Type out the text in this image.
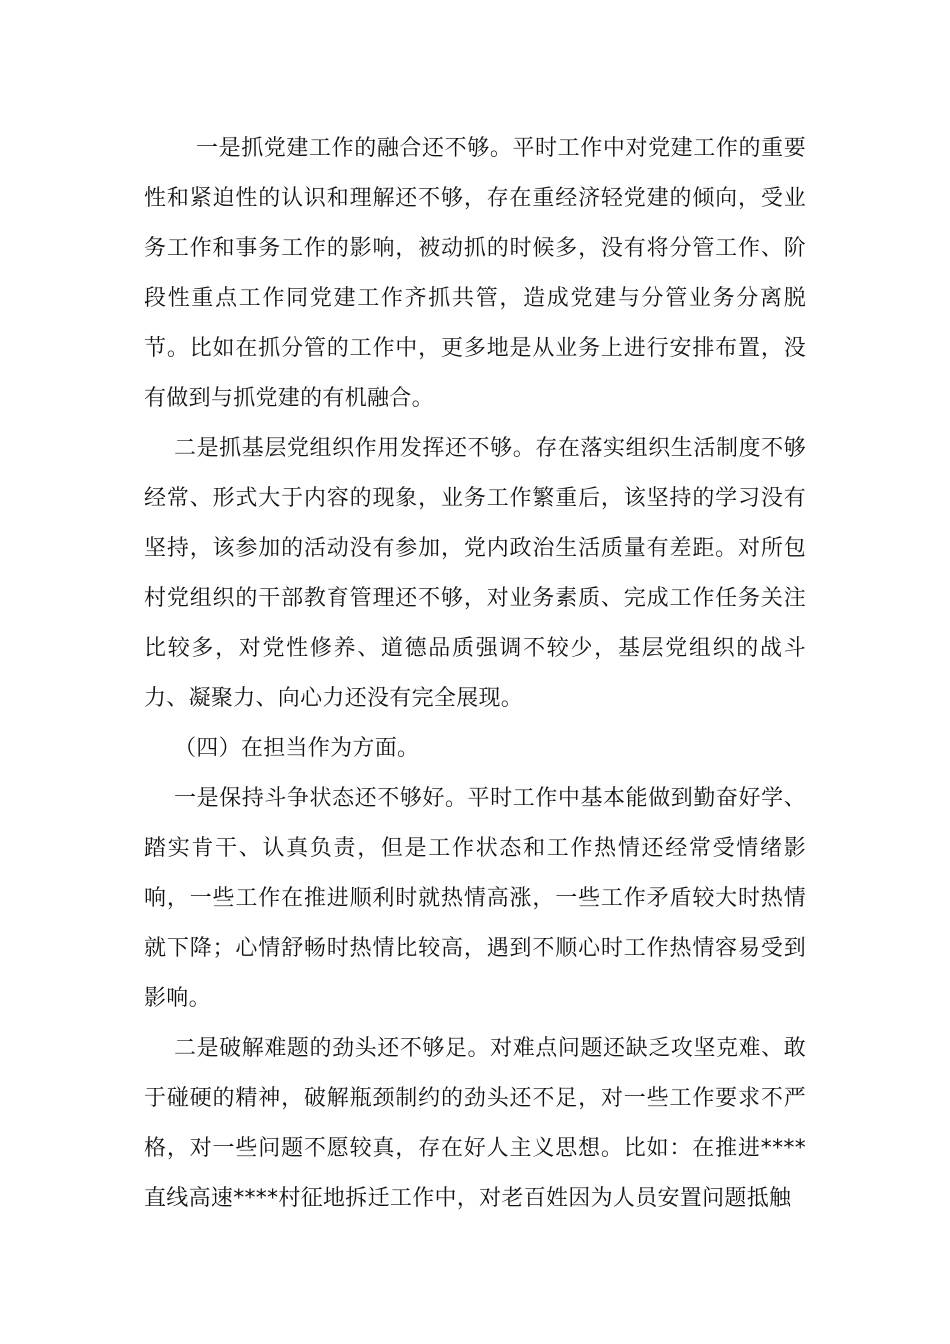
一是抓党建工作的融合还不够。平时工作中对党建工作的重要性和紧迫性的认识和理解还不够，存在重经济轻党建的倾向，受业务工作和事务工作的影响，被动抓的时候多，没有将分管工作、阶段性重点工作同党建工作齐抓共管，造成党建与分管业务分离脱节。比如在抓分管的工作中，更多地是从业务上进行安排布置，没有做到与抓党建的有机融合。

二是抓基层党组织作用发挥还不够。存在落实组织生活制度不够经常、形式大于内容的现象，业务工作繁重后，该坚持的学习没有坚持，该参加的活动没有参加，党内政治生活质量有差距。对所包村党组织的干部教育管理还不够，对业务素质、完成工作任务关注比较多，对党性修养、道德品质强调不较少，基层党组织的战斗力、凝聚力、向心力还没有完全展现。

（四）在担当作为方面。

一是保持斗争状态还不够好。平时工作中基本能做到勤奋好学、踏实肯干、认真负责，但是工作状态和工作热情还经常受情绪影响，一些工作在推进顺利时就热情高涨，一些工作矛盾较大时热情就下降；心情舒畅时热情比较高，遇到不顺心时工作热情容易受到影响。

二是破解难题的劲头还不够足。对难点问题还缺乏攻坚克难、敢于碰硬的精神，破解瓶颈制约的劲头还不足，对一些工作要求不严格，对一些问题不愿较真，存在好人主义思想。比如：在推进****直线高速****村征地拆迁工作中，对老百姓因为人员安置问题抵触
